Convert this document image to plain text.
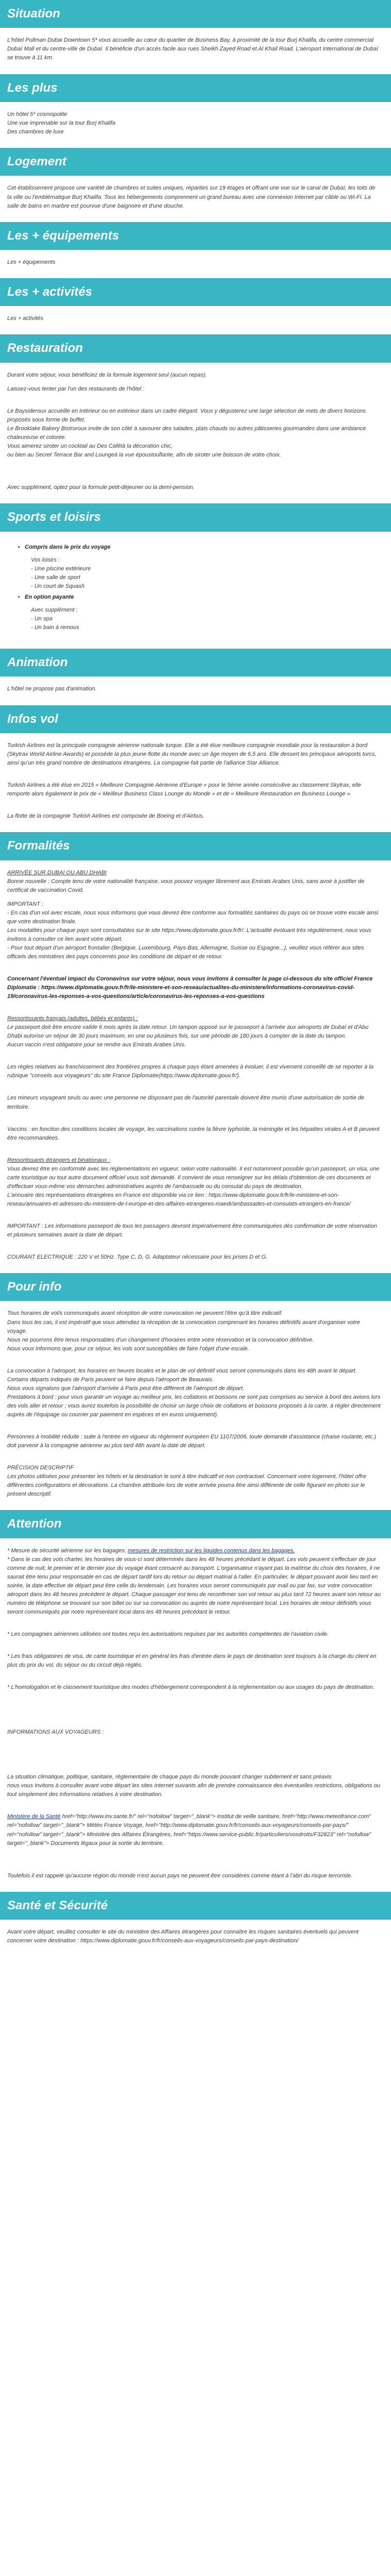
Situation

L'hôtel Pullman Dubai Downtown 5* vous accueille au cœur du quartier de Business Bay, à proximité de la tour Burj Khalifa, du centre commercial Dubaï Mall et du centre-ville de Dubaï. Il bénéficie d'un accès facile aux rues Sheikh Zayed Road et Al Khail Road. L'aéroport international de Dubaï se trouve à 11 km.

Les plus

Un hôtel 5* cosmopolite

Une vue imprenable sur la tour Burj Khalifa

Des chambres de luxe

Logement

Cet établissement propose une variété de chambres et suites uniques, réparties sur 19 étages et offrant une vue sur le canal de Dubaï, les toits de la ville ou l'emblématique Burj Khalifa. Tous les hébergements comprennent un grand bureau avec une connexion Internet par câble ou Wi-Fi. La salle de bains en marbre est pourvue d'une baignoire et d'une douche.

Les + équipements

Les + équipements

Les + activités

Les + activités

Restauration

Durant votre séjour, vous bénéficiez de la formule logement seul (aucun repas).

Laissez-vous tenter par l'un des restaurants de l'hôtel :

Le Baysideroux accueille en intérieur ou en extérieur dans un cadre élégant. Vous y dégusterez une large sélection de mets de divers horizons proposés sous forme de buffet.

Le Brooklake Bakery Bistroroux invite de son côté à savourer des salades, plats chauds ou autres pâtisseries gourmandes dans une ambiance chaleureuse et colorée.

Vous aimerez siroter un cocktail au Des Cafétà la décoration chic,

ou bien au Secret Terrace Bar and Loungeà la vue époustouflante, afin de siroter une boisson de votre choix.

Avec supplément, optez pour la formule petit-déjeuner ou la demi-pension.

Sports et loisirs
• Compris dans le prix du voyage
Vos loisirs :
- Une piscine extérieure
- Une salle de sport
- Un court de Squash
• En option payante
Avec supplément :
- Un spa
- Un bain à remous
Animation

L'hôtel ne propose pas d'animation.

Infos vol

Turkish Airlines est la principale compagnie aérienne nationale turque. Elle a été élue meilleure compagnie mondiale pour la restauration à bord (Skytrax World Airline Awards) et possède la plus jeune flotte du monde avec un âge moyen de 6,5 ans. Elle dessert les principaux aéroports turcs, ainsi qu'un très grand nombre de destinations étrangères. La compagnie fait partie de l'alliance Star Alliance.

Turkish Airlines a été élue en 2015 « Meilleure Compagnie Aérienne d'Europe » pour le 5ème année consécutive au classement Skytrax, elle remporte alors également le prix de « Meilleur Business Class Lounge du Monde » et de « Meilleure Restauration en Business Lounge ».

La flotte de la compagnie Turkish Airlines est composée de Boeing et d'Airbus.

Formalités

ARRIVÉE SUR DUBAI OU ABU DHABI

Bonne nouvelle ; Compte tenu de votre nationalité française, vous pouvez voyager librement aux Emirats Arabes Unis, sans avoir à justifier de certificat de vaccination Covid.

IMPORTANT :

- En cas d'un vol avec escale, nous vous informons que vous devrez être conforme aux formalités sanitaires du pays où se trouve votre escale ainsi que votre destination finale.

Les modalités pour chaque pays sont consultables sur le site https://www.diplomatie.gouv.fr/fr/. L'actualité évoluant très régulièrement, nous vous invitons à consulter ce lien avant votre départ.

- Pour tout départ d'un aéroport frontalier (Belgique, Luxembourg, Pays-Bas, Allemagne, Suisse ou Espagne...), veuillez vous référer aux sites officiels des ministères des pays concernés pour les conditions de départ et de retour.

Concernant l'éventuel impact du Coronavirus sur votre séjour, nous vous invitons à consulter la page ci-dessous du site officiel France Diplomatie : https://www.diplomatie.gouv.fr/fr/le-ministere-et-son-reseau/actualites-du-ministere/informations-coronavirus-covid-19/coronavirus-les-reponses-a-vos-questions/article/coronavirus-les-reponses-a-vos-questions

Ressortissants français (adultes, bébés et enfants) :

Le passeport doit être encore valide 6 mois après la date retour. Un tampon apposé sur le passeport à l'arrivée aux aéroports de Dubaï et d'Abu Dhabi autorise un séjour de 30 jours maximum, en une ou plusieurs fois, sur une période de 180 jours à compter de la date du tampon.

Aucun vaccin n'est obligatoire pour se rendre aux Emirats Arabes Unis.

Les règles relatives au franchissement des frontières propres à chaque pays étant amenées à évoluer, il est vivement conseillé de se reporter à la rubrique "conseils aux voyageurs" du site France Diplomatie(https://www.diplomatie.gouv.fr/).

Les mineurs voyageant seuls ou avec une personne ne disposant pas de l'autorité parentale doivent être munis d'une autorisation de sortie de territoire.

Vaccins : en fonction des conditions locales de voyage, les vaccinations contre la fièvre typhoïde, la méningite et les hépatites virales A et B peuvent être recommandées.

Ressortissants étrangers et binationaux :

Vous devrez être en conformité avec les réglementations en vigueur, selon votre nationalité. Il est notamment possible qu'un passeport, un visa, une carte touristique ou tout autre document officiel vous soit demandé. Il convient de vous renseigner sur les délais d'obtention de ces documents et d'effectuer vous-même vos démarches administratives auprès de l'ambassade ou du consulat du pays de destination.

L'annuaire des représentations étrangères en France est disponible via ce lien : https://www.diplomatie.gouv.fr/fr/le-ministere-et-son-reseau/annuaires-et-adresses-du-ministere-de-l-europe-et-des-affaires-etrangeres-maedi/ambassades-et-consulats-etrangers-en-france/

IMPORTANT : Les informations passeport de tous les passagers devront impérativement être communiquées dès confirmation de votre réservation et plusieurs semaines avant la date de départ.

COURANT ELECTRIQUE : 220 V et 50Hz. Type C, D, G. Adaptateur nécessaire pour les prises D et G.

Pour info

Tous horaires de vol/s communiqués avant réception de votre convocation ne peuvent l'être qu'à titre indicatif.

Dans tous les cas, il est impératif que vous attendiez la réception de la convocation comprenant les horaires définitifs avant d'organiser votre voyage.

Nous ne pourrons être tenus responsables d'un changement d'horaires entre votre réservation et la convocation définitive.

Nous vous informons que, pour ce séjour, les vols sont susceptibles de faire l'objet d'une escale.

La convocation à l'aéroport, les horaires en heures locales et le plan de vol définitif vous seront communiqués dans les 48h avant le départ.

Certains départs indiqués de Paris peuvent se faire depuis l'aéroport de Beauvais.

Nous vous signalons que l'aéroport d'arrivée à Paris peut être différent de l'aéroport de départ.

Prestations à bord : pour vous garantir un voyage au meilleur prix, les collations et boissons ne sont pas comprises au service à bord des avions lors des vols aller et retour ; vous aurez toutefois la possibilité de choisir un large choix de collations et boissons proposés à la carte, à régler directement auprès de l'équipage ou courrier par paiement en espèces et en euros uniquement).

Personnes à mobilité réduite : suite à l'entrée en vigueur du règlement européen EU 1107/2006, toute demande d'assistance (chaise roulante, etc.) doit parvenir à la compagnie aérienne au plus tard 48h avant la date de départ.

PRÉCISION DESCRIPTIF

Les photos utilisées pour présenter les hôtels et la destination le sont à titre indicatif et non contractuel. Concernant votre logement, l'hôtel offre différentes configurations et décorations. La chambre attribuée lors de votre arrivée pourra être ainsi différente de celle figurant en photo sur le présent descriptif.

Attention

* Mesure de sécurité aérienne sur les bagages: mesures de restriction sur les liquides contenus dans les bagages.

* Dans le cas des vols charter, les horaires de vous-ci sont déterminés dans les 48 heures précédant le départ. Les vols peuvent s'effectuer de jour comme de nuit, le premier et le dernier jour du voyage étant consacré au transport. L'organisateur n'ayant pas la maîtrise du choix des horaires, il ne saurait être tenu pour responsable en cas de départ tardif lors du retour ou départ matinal à l'aller. En particulier, le départ pouvant avoir lieu tard en soirée, la date effective de départ peut être celle du lendemain. Les horaires vous seront communiqués par mail ou par fax, sur votre convocation aéroport dans les 48 heures précédent le départ. Chaque passager est tenu de reconfirmer son vol retour au plus tard 72 heures avant son retour au numéro de téléphone se trouvant sur son billet ou sur sa convocation ou auprès de notre représentant local. Les horaires de retour définitifs vous seront communiqués par notre représentant local dans les 48 heures précédant le retour.

* Les compagnies aériennes utilisées ont toutes reçu les autorisations requises par les autorités compétentes de l'aviation civile.

* Les frais obligatoires de visa, de carte touristique et en général les frais d'entrée dans le pays de destination sont toujours à la charge du client en plus du prix du vol, du séjour ou du circuit déjà réglés.

* L'homologation et le classement touristique des modes d'hébergement correspondent à la réglementation ou aux usages du pays de destination.

INFORMATIONS AUX VOYAGEURS :

La situation climatique, politique, sanitaire, réglementaire de chaque pays du monde pouvant changer subitement et sans préavis

nous vous invitons à consulter avant votre départ les sites Internet suivants afin de prendre connaissance des éventuelles restrictions, obligations ou tout simplement des informations relatives à votre destination.

Ministère de la Santé href="http://www.inv.sante.fr/" rel="nofollow" target="_blank"> Institut de veille sanitaire, href="http://www.meteofrance.com" rel="nofollow" target="_blank"> Météo France Voyage, href="http://www.diplomatie.gouv.fr/fr/conseils-aux-voyageurs/conseils-par-pays/" rel="nofollow" target="_blank"> Ministère des Affaires Étrangères, href="https://www.service-public.fr/particuliers/vosdroits/F32823" rel="nofollow" target="_blank"> Documents légaux pour la sortie du territoire.

Toutefois il est rappelé qu'aucune région du monde n'est aucun pays ne peuvent être considérés comme étant à l'abri du risque terroriste.

Santé et Sécurité

Avant votre départ, veuillez consulter le site du ministère des Affaires étrangères pour connaître les risques sanitaires éventuels qui peuvent concerner votre destination : https://www.diplomatie.gouv.fr/fr/conseils-aux-voyageurs/conseils-par-pays-destination/
